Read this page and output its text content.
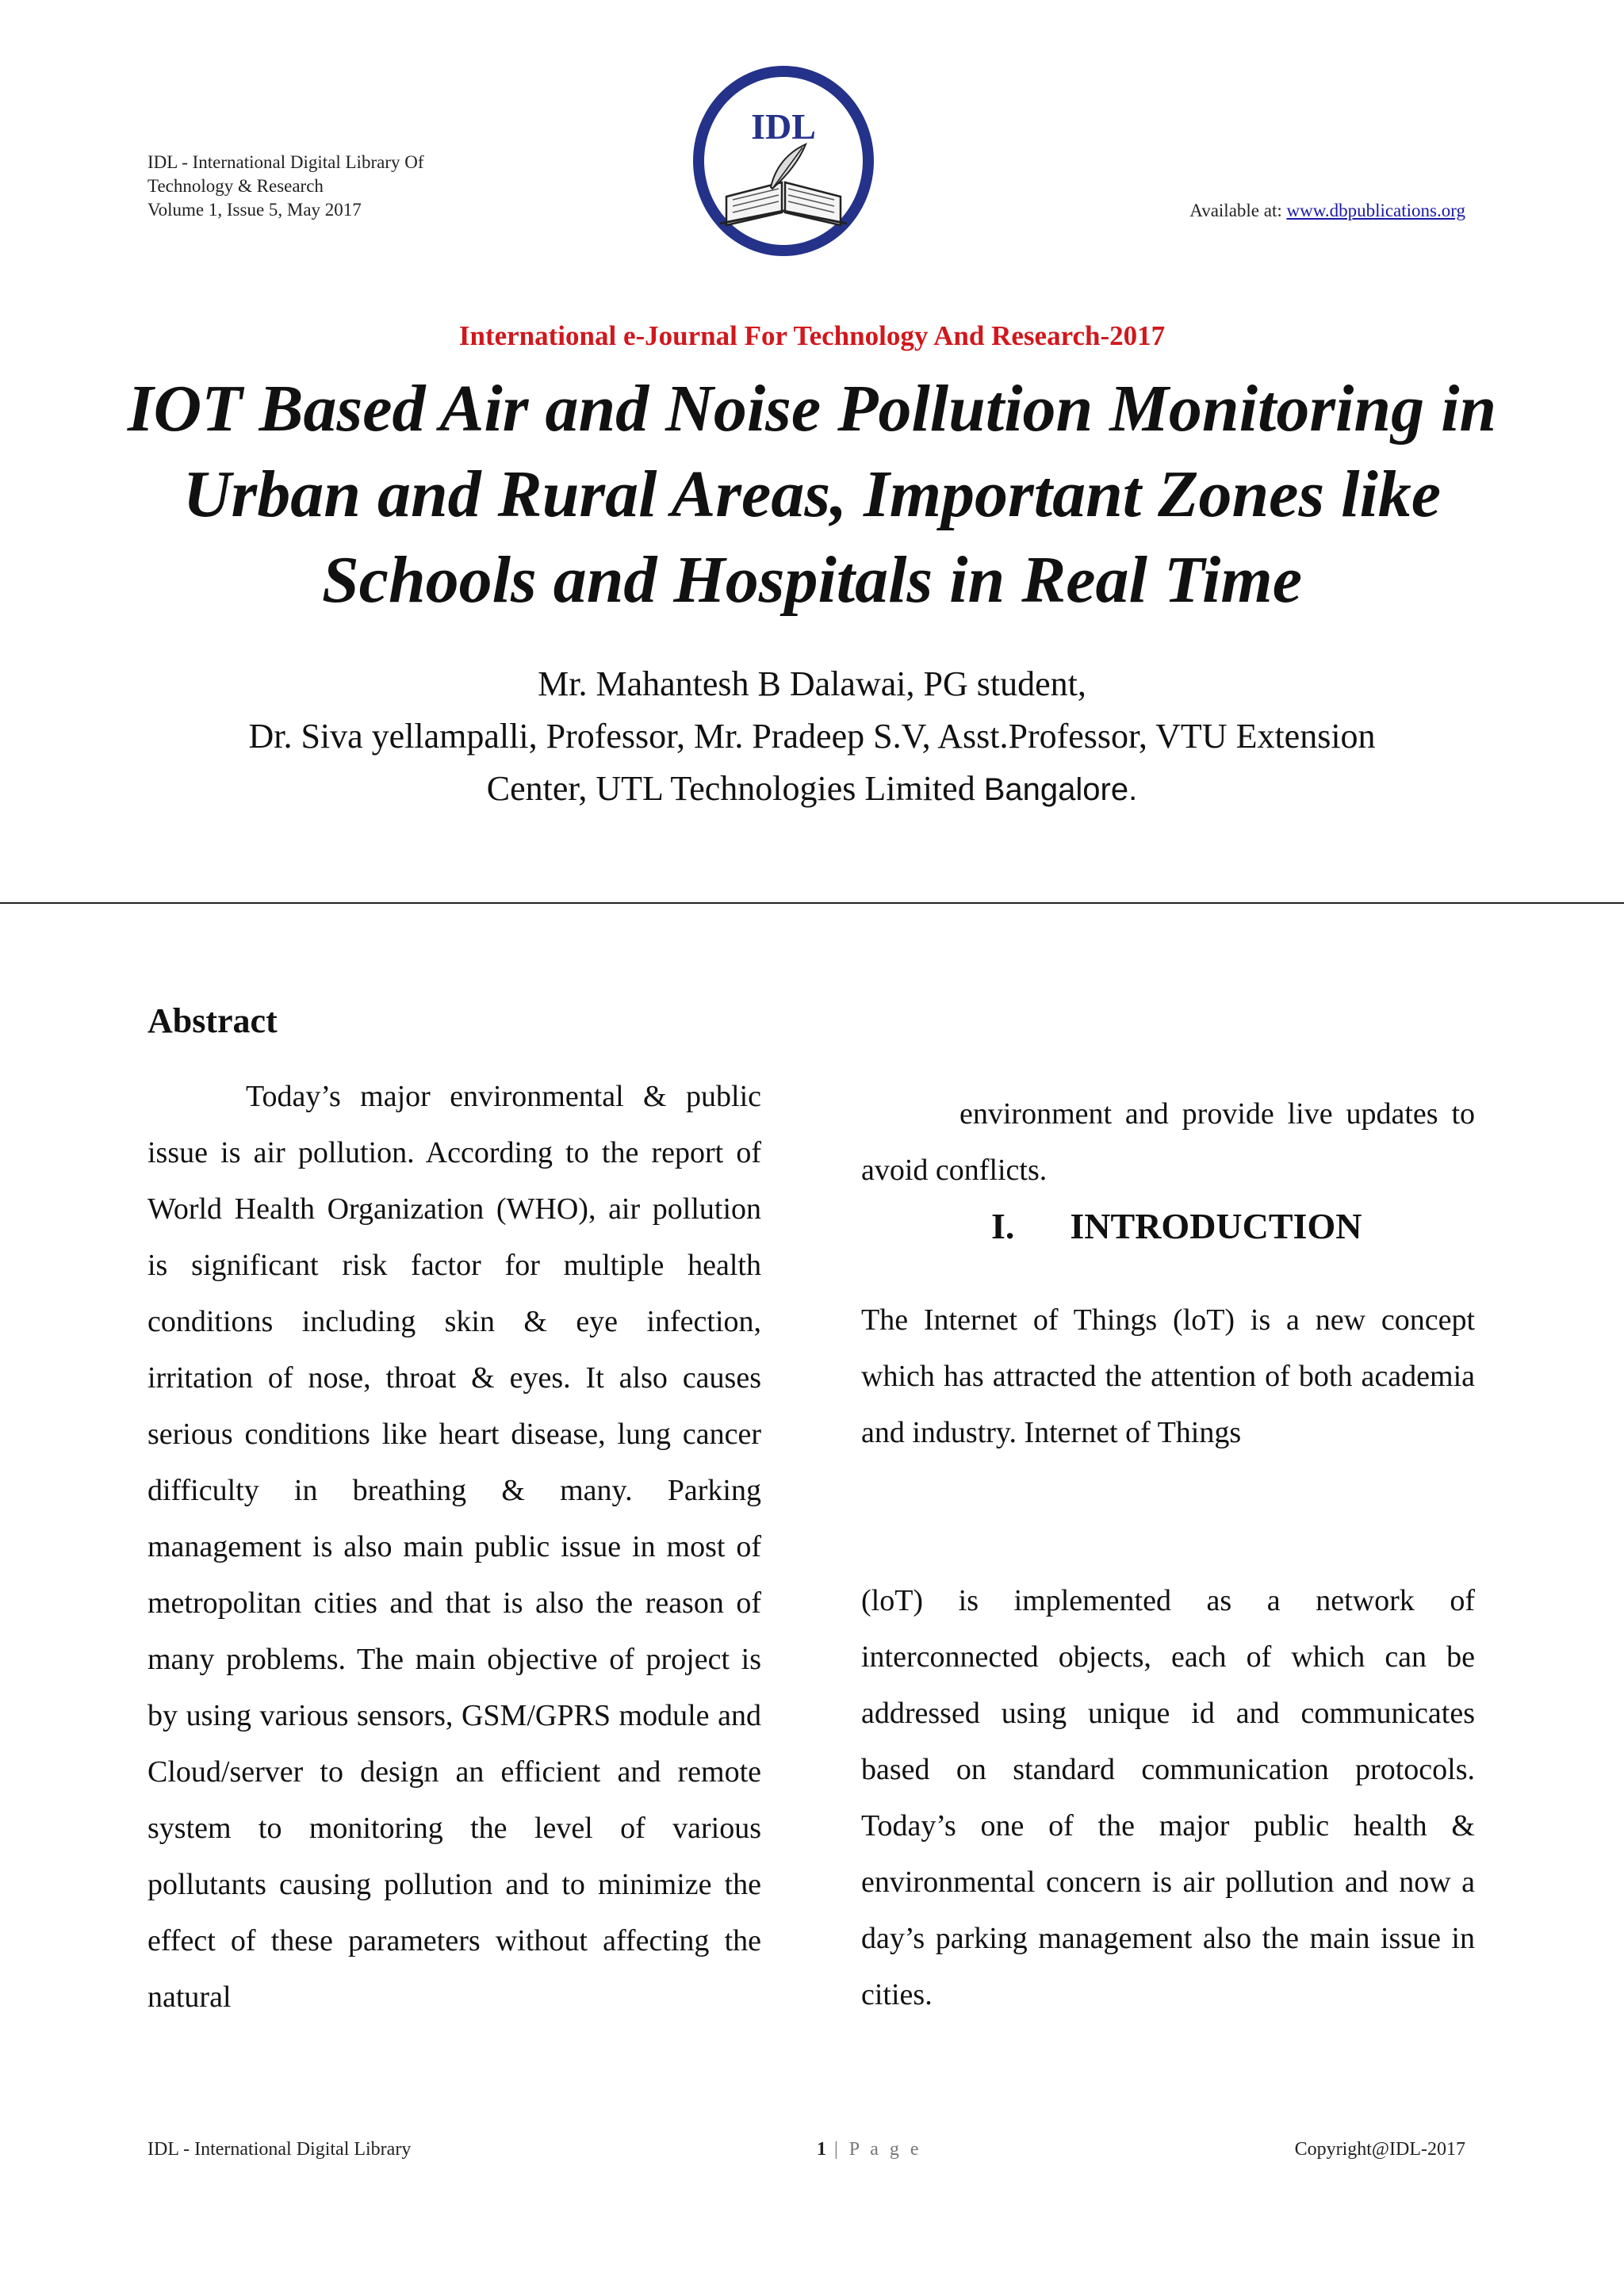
IDL - International Digital Library Of
Technology & Research
Volume 1, Issue 5, May 2017
IDL
Available at: www.dbpublications.org
International e-Journal For Technology And Research-2017
IOT Based Air and Noise Pollution Monitoring in Urban and Rural Areas, Important Zones like Schools and Hospitals in Real Time
Mr. Mahantesh B Dalawai, PG student,
Dr. Siva yellampalli, Professor, Mr. Pradeep S.V, Asst.Professor, VTU Extension
Center, UTL Technologies Limited Bangalore.
Abstract
Today’s major environmental & public issue is air pollution. According to the report of World Health Organization (WHO), air pollution is significant risk factor for multiple health conditions including skin & eye infection, irritation of nose, throat & eyes. It also causes serious conditions like heart disease, lung cancer difficulty in breathing & many. Parking management is also main public issue in most of metropolitan cities and that is also the reason of many problems. The main objective of project is by using various sensors, GSM/GPRS module and Cloud/server to design an efficient and remote system to monitoring the level of various pollutants causing pollution and to minimize the effect of these parameters without affecting the natural
environment and provide live updates to avoid conflicts.
I. INTRODUCTION
The Internet of Things (loT) is a new concept which has attracted the attention of both academia and industry. Internet of Things
(loT) is implemented as a network of interconnected objects, each of which can be addressed using unique id and communicates based on standard communication protocols. Today’s one of the major public health & environmental concern is air pollution and now a day’s parking management also the main issue in cities.
IDL - International Digital Library	1 | P a g e	Copyright@IDL-2017
